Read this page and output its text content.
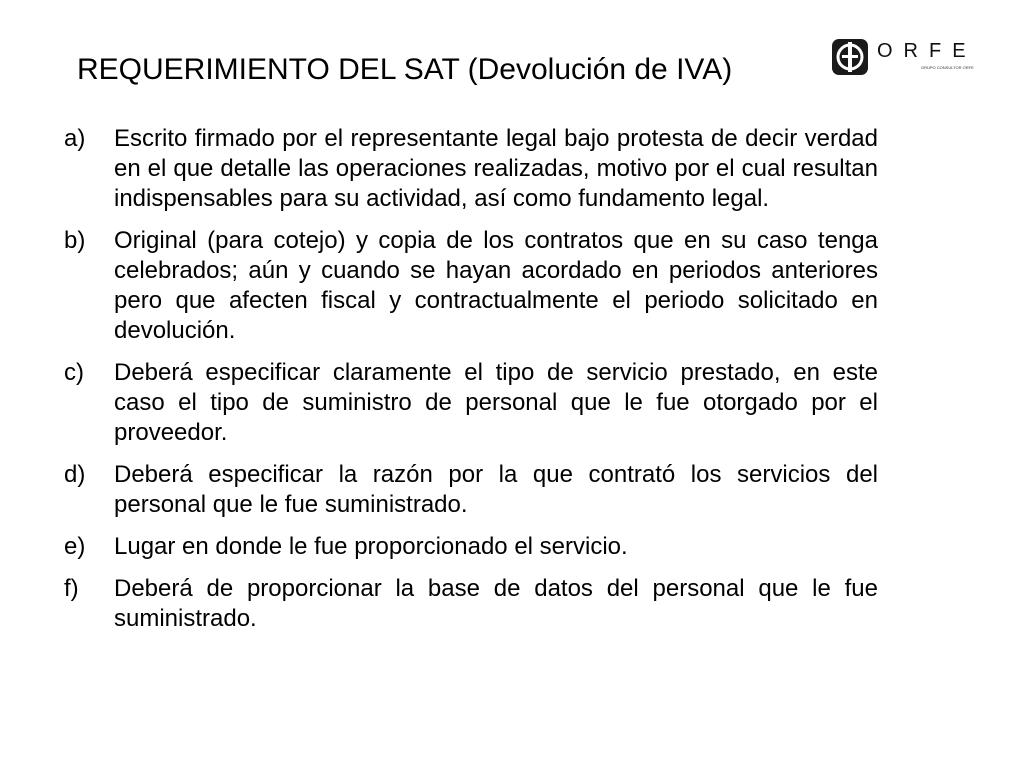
REQUERIMIENTO DEL SAT (Devolución de IVA)
ORFE
GRUPO CONSULTOR ORFE
a) Escrito firmado por el representante legal bajo protesta de decir verdad en el que detalle las operaciones realizadas, motivo por el cual resultan indispensables para su actividad, así como fundamento legal.
b) Original (para cotejo) y copia de los contratos que en su caso tenga celebrados; aún y cuando se hayan acordado en periodos anteriores pero que afecten fiscal y contractualmente el periodo solicitado en devolución.
c) Deberá especificar claramente el tipo de servicio prestado, en este caso el tipo de suministro de personal que le fue otorgado por el proveedor.
d) Deberá especificar la razón por la que contrató los servicios del personal que le fue suministrado.
e) Lugar en donde le fue proporcionado el servicio.
f) Deberá de proporcionar la base de datos del personal que le fue suministrado.
